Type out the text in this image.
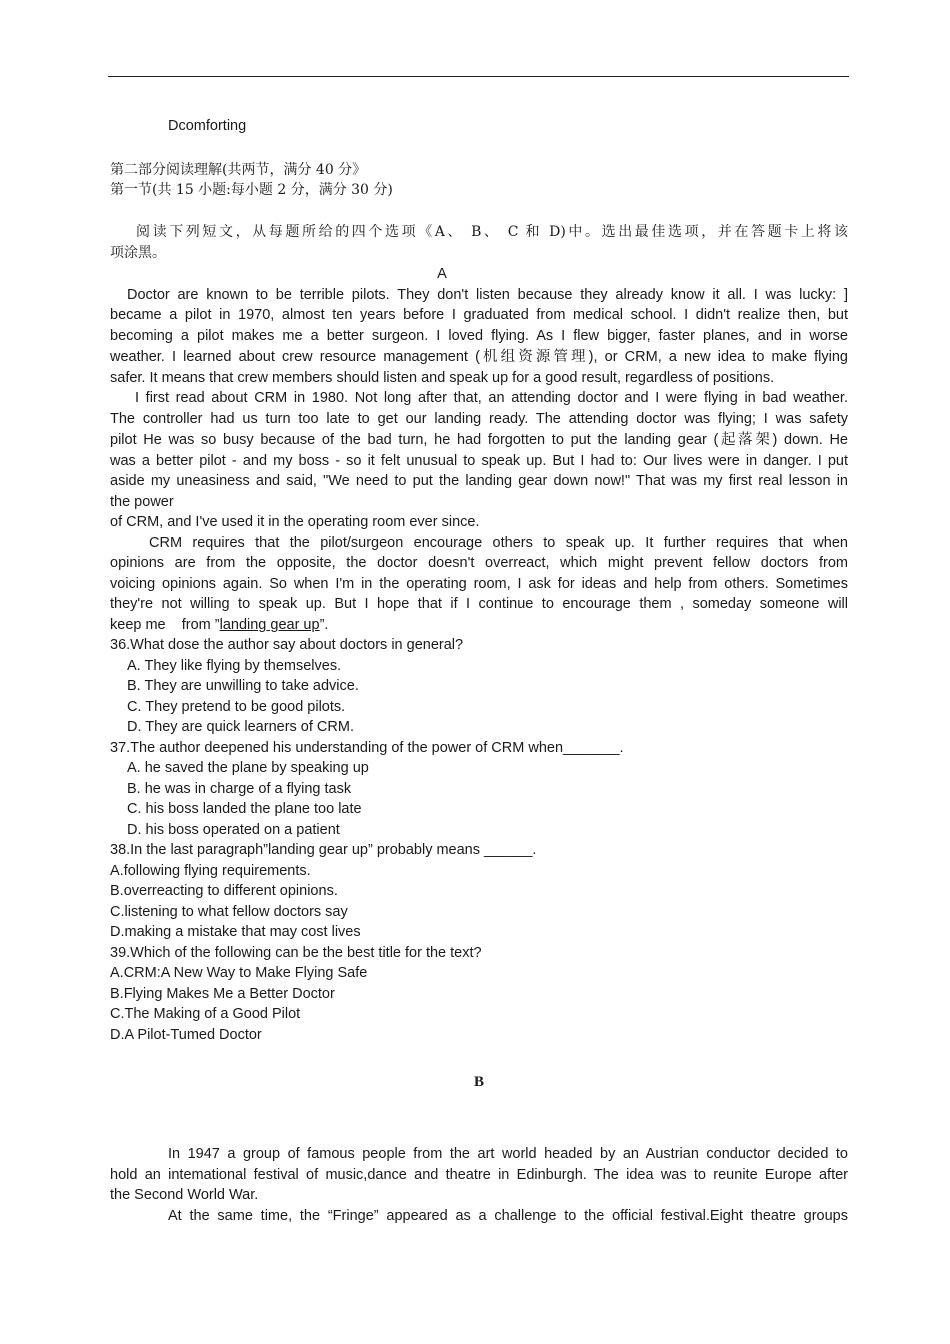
Dcomforting
第二部分阅读理解(共两节，满分 40 分》
第一节(共 15 小题:每小题 2 分，满分 30 分)
阅读下列短文，从每题所给的四个选项《A、 B、 C 和 D)中。选出最佳选项，并在答题卡上将该
项涂黑。
A
Doctor are known to be terrible pilots. They don't listen because they already know it all. I was lucky: ]
became a pilot in 1970, almost ten years before I graduated from medical school. I didn't realize then, but
becoming a pilot makes me a better surgeon. I loved flying. As I flew bigger, faster planes, and in worse
weather. I learned about crew resource management (机组资源管理), or CRM, a new idea to make flying
safer. It means that crew members should listen and speak up for a good result, regardless of positions.
I first read about CRM in 1980. Not long after that, an attending doctor and I were flying in bad weather.
The controller had us turn too late to get our landing ready. The attending doctor was flying; I was safety
pilot He was so busy because of the bad turn, he had forgotten to put the landing gear (起落架) down. He
was a better pilot - and my boss - so it felt unusual to speak up. But I had to: Our lives were in danger. I put
aside my uneasiness and said, "We need to put the landing gear down now!" That was my first real lesson in
the power
of CRM, and I've used it in the operating room ever since.
CRM requires that the pilot/surgeon encourage others to speak up. It further requires that when
opinions are from the opposite, the doctor doesn't overreact, which might prevent fellow doctors from
voicing opinions again. So when I'm in the operating room, I ask for ideas and help from others. Sometimes
they're not willing to speak up. But I hope that if I continue to encourage them , someday someone will
keep me    from ”landing gear up”.
36.What dose the author say about doctors in general?
A. They like flying by themselves.
B. They are unwilling to take advice.
C. They pretend to be good pilots.
D. They are quick learners of CRM.
37.The author deepened his understanding of the power of CRM when_______.
A. he saved the plane by speaking up
B. he was in charge of a flying task
C. his boss landed the plane too late
D. his boss operated on a patient
38.In the last paragraph”landing gear up” probably means ______.
A.following flying requirements.
B.overreacting to different opinions.
C.listening to what fellow doctors say
D.making a mistake that may cost lives
39.Which of the following can be the best title for the text?
A.CRM:A New Way to Make Flying Safe
B.Flying Makes Me a Better Doctor
C.The Making of a Good Pilot
D.A Pilot-Tumed Doctor
B
In 1947 a group of famous people from the art world headed by an Austrian conductor decided to
hold an intemational festival of music,dance and theatre in Edinburgh. The idea was to reunite Europe after
the Second World War.
At the same time, the “Fringe” appeared as a challenge to the official festival.Eight theatre groups
